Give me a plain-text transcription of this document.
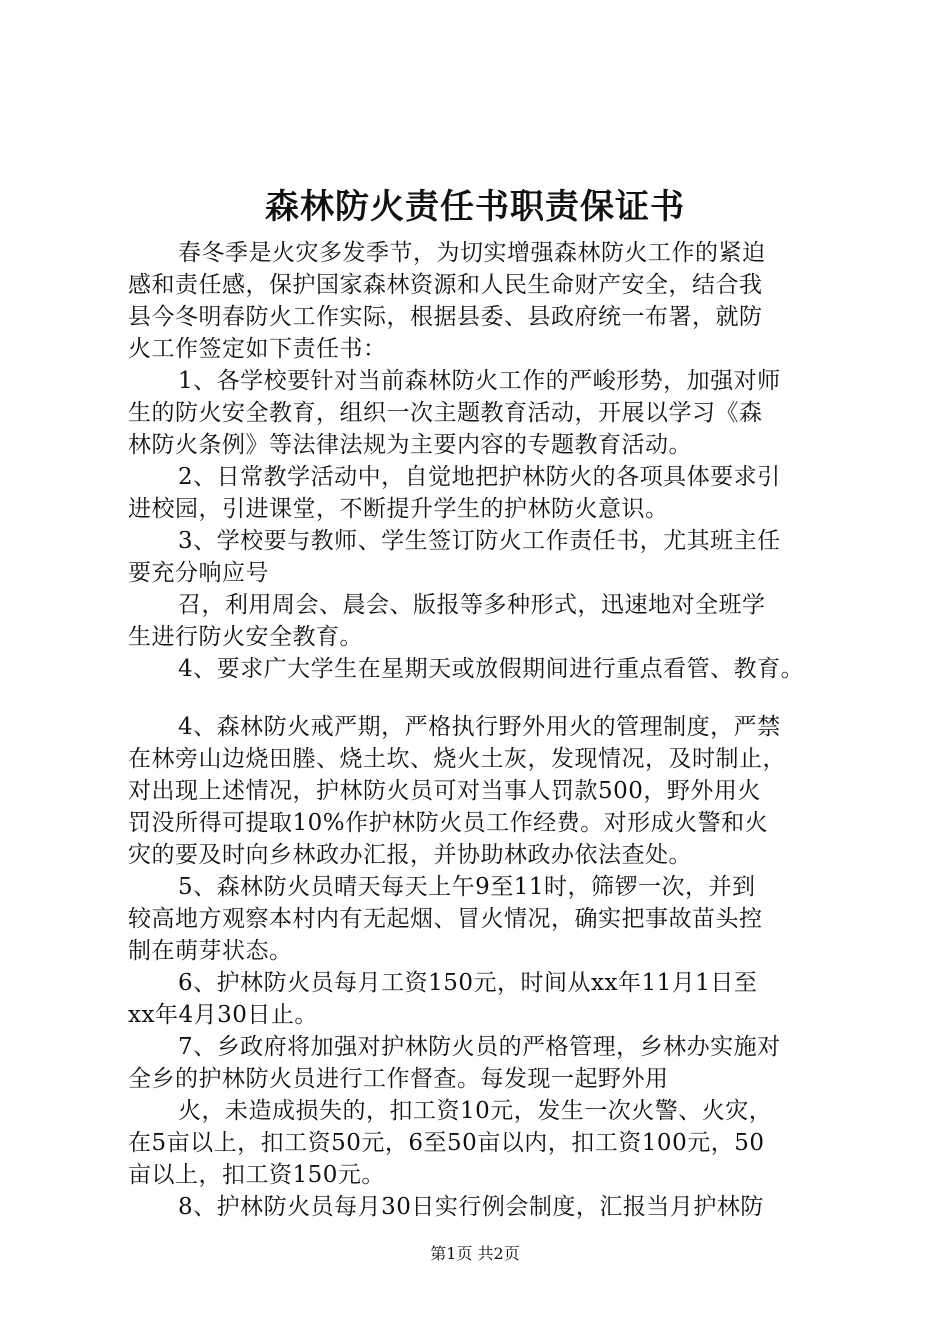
森林防火责任书职责保证书
春冬季是火灾多发季节，为切实增强森林防火工作的紧迫
感和责任感，保护国家森林资源和人民生命财产安全，结合我
县今冬明春防火工作实际，根据县委、县政府统一布署，就防
火工作签定如下责任书：
1、各学校要针对当前森林防火工作的严峻形势，加强对师
生的防火安全教育，组织一次主题教育活动，开展以学习《森
林防火条例》等法律法规为主要内容的专题教育活动。
2、日常教学活动中，自觉地把护林防火的各项具体要求引
进校园，引进课堂，不断提升学生的护林防火意识。
3、学校要与教师、学生签订防火工作责任书，尤其班主任
要充分响应号
召，利用周会、晨会、版报等多种形式，迅速地对全班学
生进行防火安全教育。
4、要求广大学生在星期天或放假期间进行重点看管、教育。
4、森林防火戒严期，严格执行野外用火的管理制度，严禁
在林旁山边烧田塍、烧土坎、烧火土灰，发现情况，及时制止，
对出现上述情况，护林防火员可对当事人罚款500，野外用火
罚没所得可提取10%作护林防火员工作经费。对形成火警和火
灾的要及时向乡林政办汇报，并协助林政办依法查处。
5、森林防火员晴天每天上午9至11时，筛锣一次，并到
较高地方观察本村内有无起烟、冒火情况，确实把事故苗头控
制在萌芽状态。
6、护林防火员每月工资150元，时间从xx年11月1日至
xx年4月30日止。
7、乡政府将加强对护林防火员的严格管理，乡林办实施对
全乡的护林防火员进行工作督查。每发现一起野外用
火，未造成损失的，扣工资10元，发生一次火警、火灾，
在5亩以上，扣工资50元，6至50亩以内，扣工资100元，50
亩以上，扣工资150元。
8、护林防火员每月30日实行例会制度，汇报当月护林防
第1页 共2页
